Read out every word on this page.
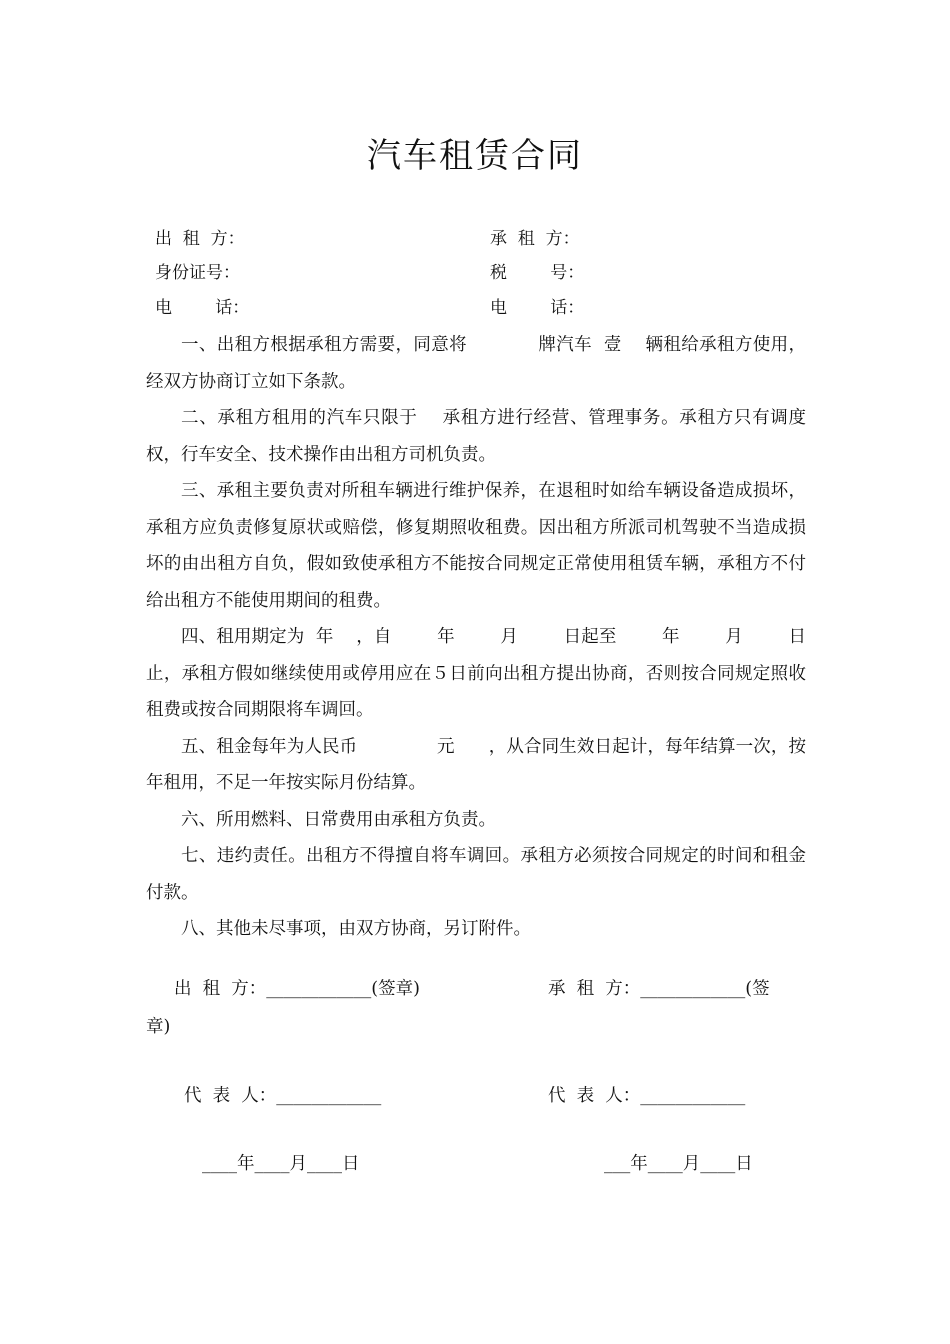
汽车租赁合同
出  租  方：	承  租  方：
身份证号：	税        号：
电        话：	电        话：

一、出租方根据承租方需要，同意将            牌汽车  壹    辆租给承租方使用，经双方协商订立如下条款。

二、承租方租用的汽车只限于    承租方进行经营、管理事务。承租方只有调度权，行车安全、技术操作由出租方司机负责。

三、承租主要负责对所租车辆进行维护保养，在退租时如给车辆设备造成损坏，承租方应负责修复原状或赔偿，修复期照收租费。因出租方所派司机驾驶不当造成损坏的由出租方自负，假如致使承租方不能按合同规定正常使用租赁车辆，承租方不付给出租方不能使用期间的租费。

四、租用期定为  年    ，自        年        月        日起至        年        月        日止，承租方假如继续使用或停用应在５日前向出租方提出协商，否则按合同规定照收租费或按合同期限将车调回。

五、租金每年为人民币              元      ，从合同生效日起计，每年结算一次，按年租用，不足一年按实际月份结算。

六、所用燃料、日常费用由承租方负责。

七、违约责任。出租方不得擅自将车调回。承租方必须按合同规定的时间和租金付款。

八、其他未尽事项，由双方协商，另订附件。

出  租  方：____________(签章)	承  租  方：____________(签
章)
代  表  人：____________	代  表  人：____________
____年____月____日	___年____月____日
